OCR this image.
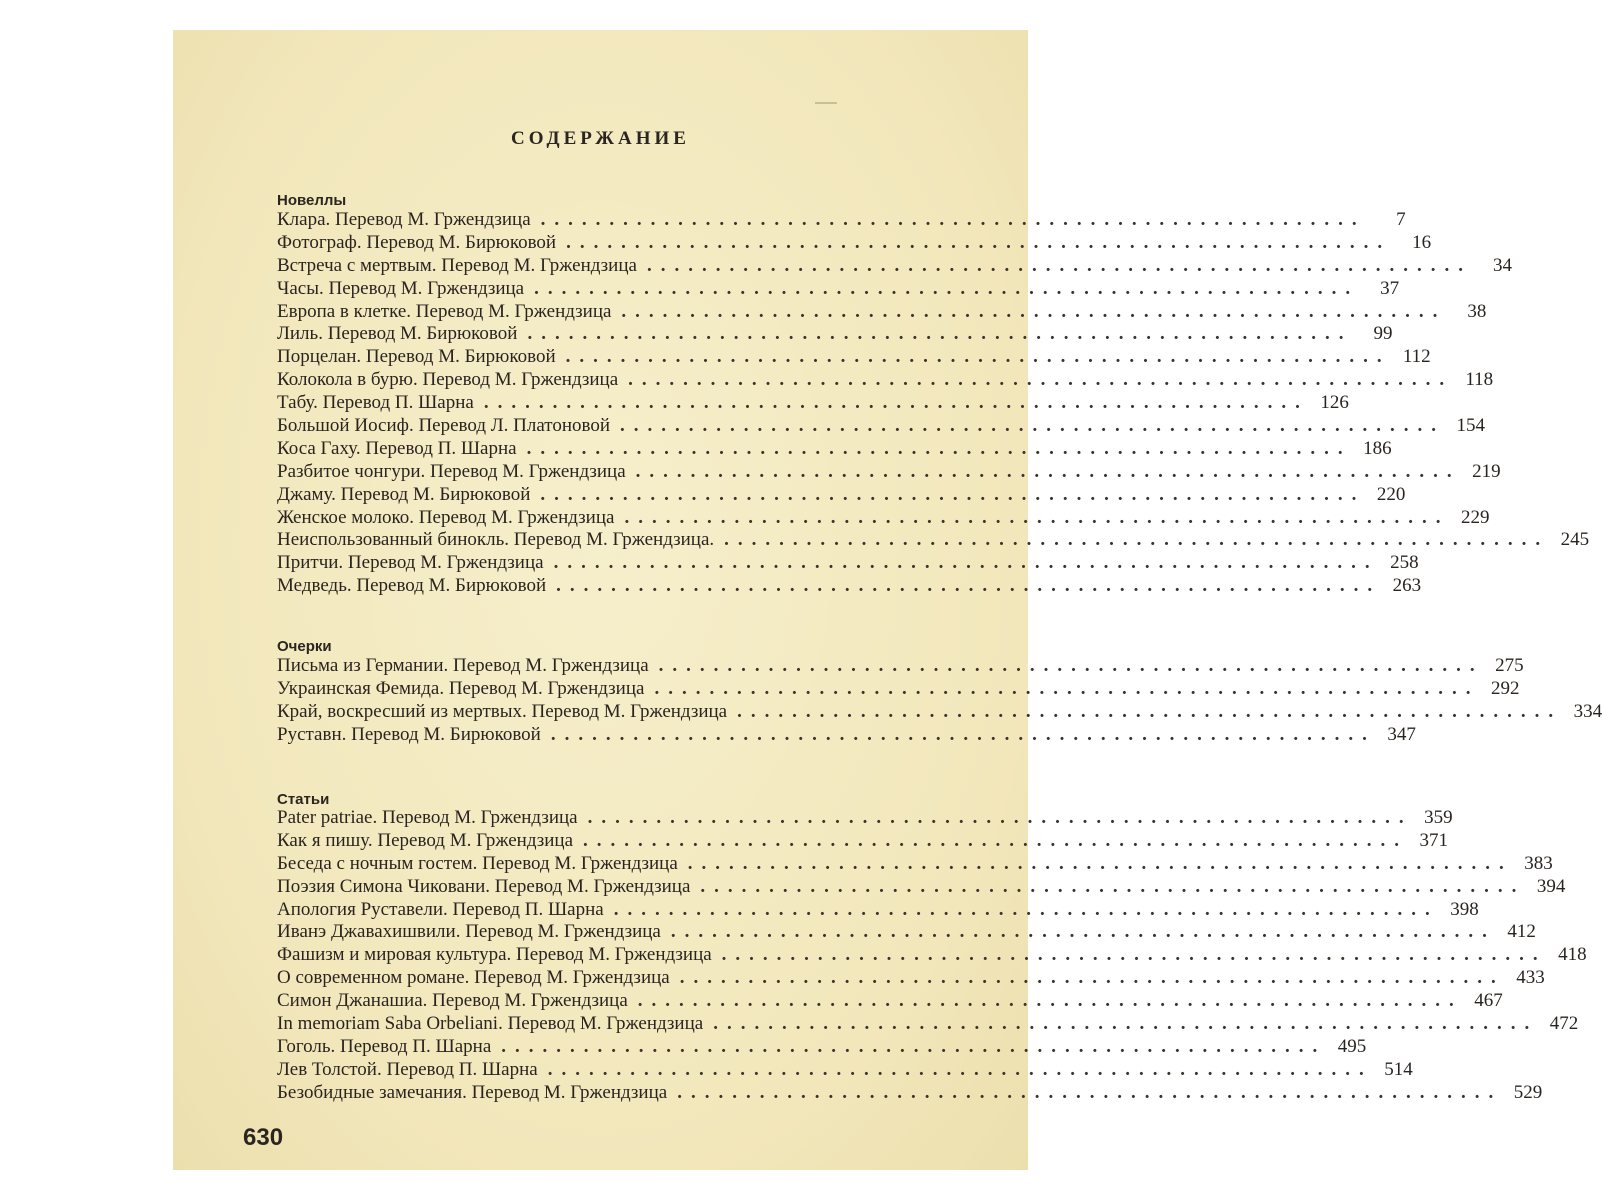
СОДЕРЖАНИЕ
Новеллы
Клара. Перевод М. Гржендзица ............................................................	7
Фотограф. Перевод М. Бирюковой ............................................................	16
Встреча с мертвым. Перевод М. Гржендзица ............................................................	34
Часы. Перевод М. Гржендзица ............................................................	37
Европа в клетке. Перевод М. Гржендзица ............................................................	38
Лиль. Перевод М. Бирюковой ............................................................	99
Порцелан. Перевод М. Бирюковой ............................................................ 112
Колокола в бурю. Перевод М. Гржендзица ............................................................ 118
Табу. Перевод П. Шарна ............................................................ 126
Большой Иосиф. Перевод Л. Платоновой ............................................................ 154
Коса Гаху. Перевод П. Шарна ............................................................ 186
Разбитое чонгури. Перевод М. Гржендзица ............................................................ 219
Джаму. Перевод М. Бирюковой ............................................................ 220
Женское молоко. Перевод М. Гржендзица ............................................................ 229
Неиспользованный бинокль. Перевод М. Гржендзица. ............................................................ 245
Притчи. Перевод М. Гржендзица ............................................................ 258
Медведь. Перевод М. Бирюковой ............................................................ 263
Очерки
Письма из Германии. Перевод М. Гржендзица ............................................................ 275
Украинская Фемида. Перевод М. Гржендзица ............................................................ 292
Край, воскресший из мертвых. Перевод М. Гржендзица ............................................................ 334
Руставн. Перевод М. Бирюковой ............................................................ 347
Статьи
Pater patriae. Перевод М. Гржендзица ............................................................ 359
Как я пишу. Перевод М. Гржендзица ............................................................ 371
Беседа с ночным гостем. Перевод М. Гржендзица ............................................................ 383
Поэзия Симона Чиковани. Перевод М. Гржендзица ............................................................ 394
Апология Руставели. Перевод П. Шарна ............................................................ 398
Иванэ Джавахишвили. Перевод М. Гржендзица ............................................................ 412
Фашизм и мировая культура. Перевод М. Гржендзица ............................................................ 418
О современном романе. Перевод М. Гржендзица ............................................................ 433
Симон Джанашиа. Перевод М. Гржендзица ............................................................ 467
In memoriam Saba Orbeliani. Перевод М. Гржендзица ............................................................ 472
Гоголь. Перевод П. Шарна ............................................................ 495
Лев Толстой. Перевод П. Шарна ............................................................ 514
Безобидные замечания. Перевод М. Гржендзица ............................................................ 529
630
